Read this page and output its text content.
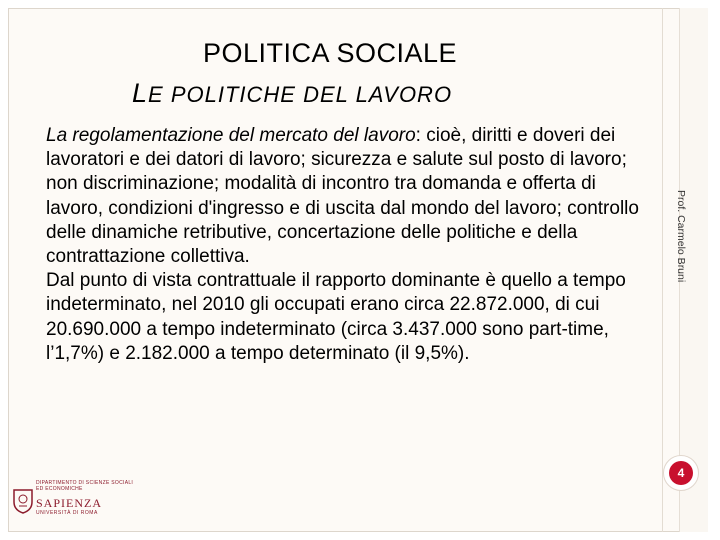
POLITICA SOCIALE
LE POLITICHE DEL LAVORO

La regolamentazione del mercato del lavoro: cioè, diritti e doveri dei lavoratori e dei datori di lavoro; sicurezza e salute sul posto di lavoro; non discriminazione; modalità di incontro tra domanda e offerta di lavoro, condizioni d'ingresso e di uscita dal mondo del lavoro; controllo delle dinamiche retributive, concertazione delle politiche e della contrattazione collettiva.

Dal punto di vista contrattuale il rapporto dominante è quello a tempo indeterminato, nel 2010 gli occupati erano circa 22.872.000, di cui 20.690.000 a tempo indeterminato (circa 3.437.000 sono part-time, l’1,7%) e 2.182.000 a tempo determinato (il 9,5%).

Prof. Carmelo Bruni
4
DIPARTIMENTO DI SCIENZE SOCIALI ED ECONOMICHE
SAPIENZA
UNIVERSITÀ DI ROMA
